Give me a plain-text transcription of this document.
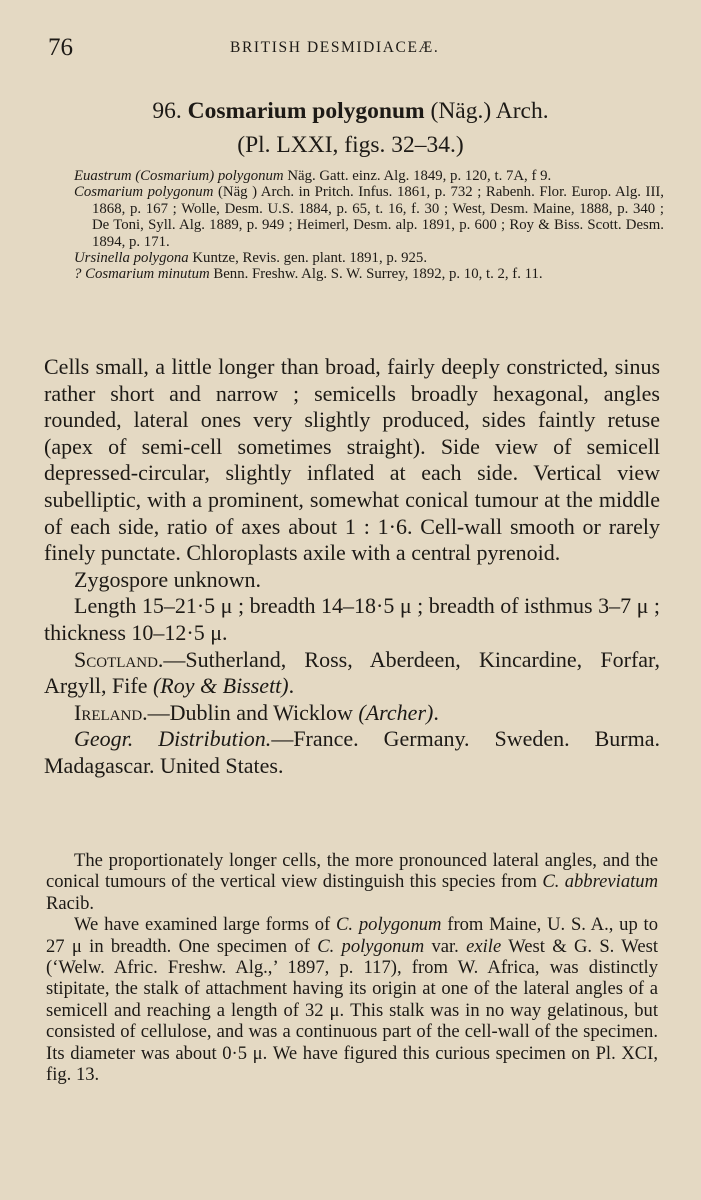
76	BRITISH DESMIDIACEÆ.
96. Cosmarium polygonum (Näg.) Arch.
(Pl. LXXI, figs. 32–34.)

Euastrum (Cosmarium) polygonum Näg. Gatt. einz. Alg. 1849, p. 120, t. 7A, f 9.

Cosmarium polygonum (Näg ) Arch. in Pritch. Infus. 1861, p. 732 ; Rabenh. Flor. Europ. Alg. III, 1868, p. 167 ; Wolle, Desm. U.S. 1884, p. 65, t. 16, f. 30 ; West, Desm. Maine, 1888, p. 340 ; De Toni, Syll. Alg. 1889, p. 949 ; Heimerl, Desm. alp. 1891, p. 600 ; Roy & Biss. Scott. Desm. 1894, p. 171.

Ursinella polygona Kuntze, Revis. gen. plant. 1891, p. 925.

? Cosmarium minutum Benn. Freshw. Alg. S. W. Surrey, 1892, p. 10, t. 2, f. 11.

Cells small, a little longer than broad, fairly deeply constricted, sinus rather short and narrow ; semicells broadly hexagonal, angles rounded, lateral ones very slightly produced, sides faintly retuse (apex of semi-cell sometimes straight). Side view of semicell depressed-circular, slightly inflated at each side. Vertical view subelliptic, with a prominent, somewhat conical tumour at the middle of each side, ratio of axes about 1 : 1·6. Cell-wall smooth or rarely finely punctate. Chloroplasts axile with a central pyrenoid.

Zygospore unknown.

Length 15–21·5 μ ; breadth 14–18·5 μ ; breadth of isthmus 3–7 μ ; thickness 10–12·5 μ.

Scotland.—Sutherland, Ross, Aberdeen, Kincardine, Forfar, Argyll, Fife (Roy & Bissett).

Ireland.—Dublin and Wicklow (Archer).

Geogr. Distribution.—France. Germany. Sweden. Burma. Madagascar. United States.

The proportionately longer cells, the more pronounced lateral angles, and the conical tumours of the vertical view distinguish this species from C. abbreviatum Racib.

We have examined large forms of C. polygonum from Maine, U. S. A., up to 27 μ in breadth. One specimen of C. polygonum var. exile West & G. S. West (‘Welw. Afric. Freshw. Alg.,’ 1897, p. 117), from W. Africa, was distinctly stipitate, the stalk of attachment having its origin at one of the lateral angles of a semicell and reaching a length of 32 μ. This stalk was in no way gelatinous, but consisted of cellulose, and was a continuous part of the cell-wall of the specimen. Its diameter was about 0·5 μ. We have figured this curious specimen on Pl. XCI, fig. 13.
